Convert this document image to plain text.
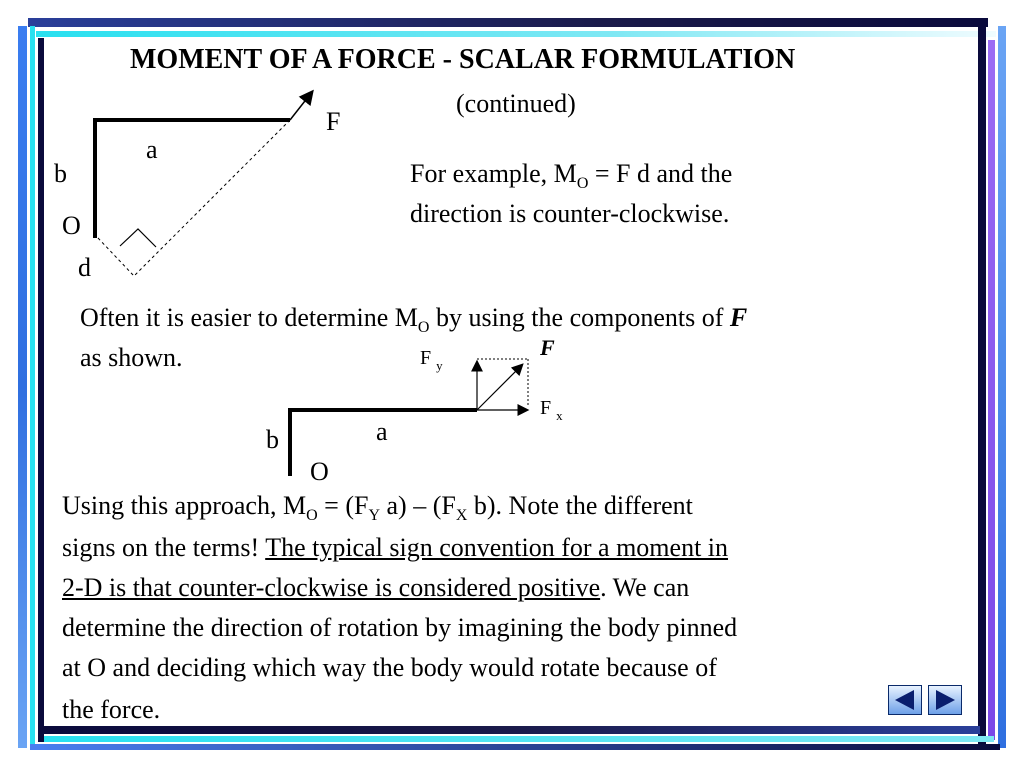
MOMENT OF A FORCE - SCALAR FORMULATION
(continued)
F
a
b
O
d
For example, $M_O = F$ d and the
direction is counter-clockwise.
Often it is easier to determine $M_O$ by using the components of F
as shown.	F
F $_y$
F $_x$
a
b
O
Using this approach, $M_O = (F_Y$ $a) - (F_X$ b). Note the different
signs on the terms! The typical sign convention for a moment in
2-D is that counter-clockwise is considered positive. We can
determine the direction of rotation by imagining the body pinned
at O and deciding which way the body would rotate because of
the force.
